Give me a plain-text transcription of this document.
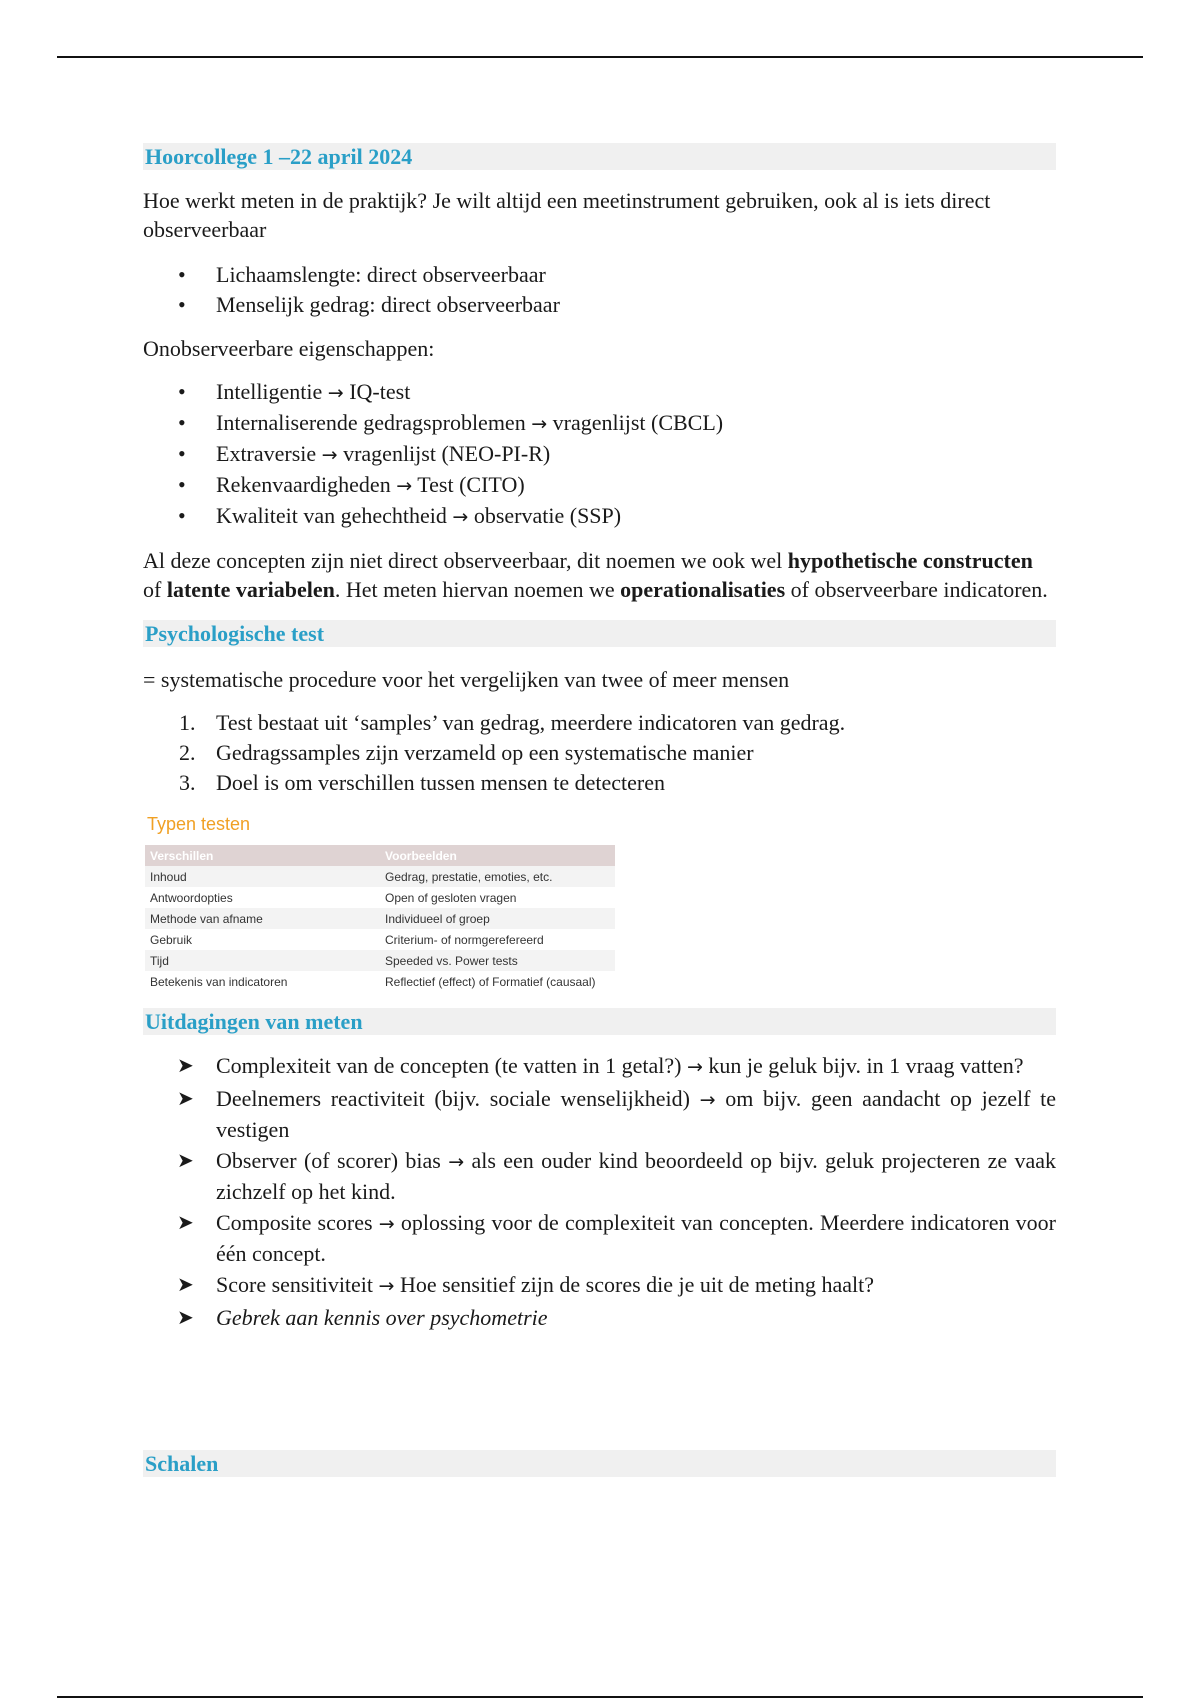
Hoorcollege 1 –22 april 2024

Hoe werkt meten in de praktijk? Je wilt altijd een meetinstrument gebruiken, ook al is iets direct observeerbaar

• Lichaamslengte: direct observeerbaar
• Menselijk gedrag: direct observeerbaar

Onobserveerbare eigenschappen:

• Intelligentie → IQ-test
• Internaliserende gedragsproblemen → vragenlijst (CBCL)
• Extraversie → vragenlijst (NEO-PI-R)
• Rekenvaardigheden → Test (CITO)
• Kwaliteit van gehechtheid → observatie (SSP)

Al deze concepten zijn niet direct observeerbaar, dit noemen we ook wel hypothetische constructen of latente variabelen. Het meten hiervan noemen we operationalisaties of observeerbare indicatoren.

Psychologische test

= systematische procedure voor het vergelijken van twee of meer mensen

1. Test bestaat uit ‘samples’ van gedrag, meerdere indicatoren van gedrag.
2. Gedragssamples zijn verzameld op een systematische manier
3. Doel is om verschillen tussen mensen te detecteren
Typen testen
Verschillen	Voorbeelden
Inhoud	Gedrag, prestatie, emoties, etc.
Antwoordopties	Open of gesloten vragen
Methode van afname	Individueel of groep
Gebruik	Criterium- of normgerefereerd
Tijd	Speeded vs. Power tests
Betekenis van indicatoren	Reflectief (effect) of Formatief (causaal)
Uitdagingen van meten
➤ Complexiteit van de concepten (te vatten in 1 getal?) → kun je geluk bijv. in 1 vraag vatten?
➤ Deelnemers reactiviteit (bijv. sociale wenselijkheid) → om bijv. geen aandacht op jezelf te vestigen
➤ Observer (of scorer) bias → als een ouder kind beoordeeld op bijv. geluk projecteren ze vaak zichzelf op het kind.
➤ Composite scores → oplossing voor de complexiteit van concepten. Meerdere indicatoren voor één concept.
➤ Score sensitiviteit → Hoe sensitief zijn de scores die je uit de meting haalt?
➤ Gebrek aan kennis over psychometrie
Schalen
